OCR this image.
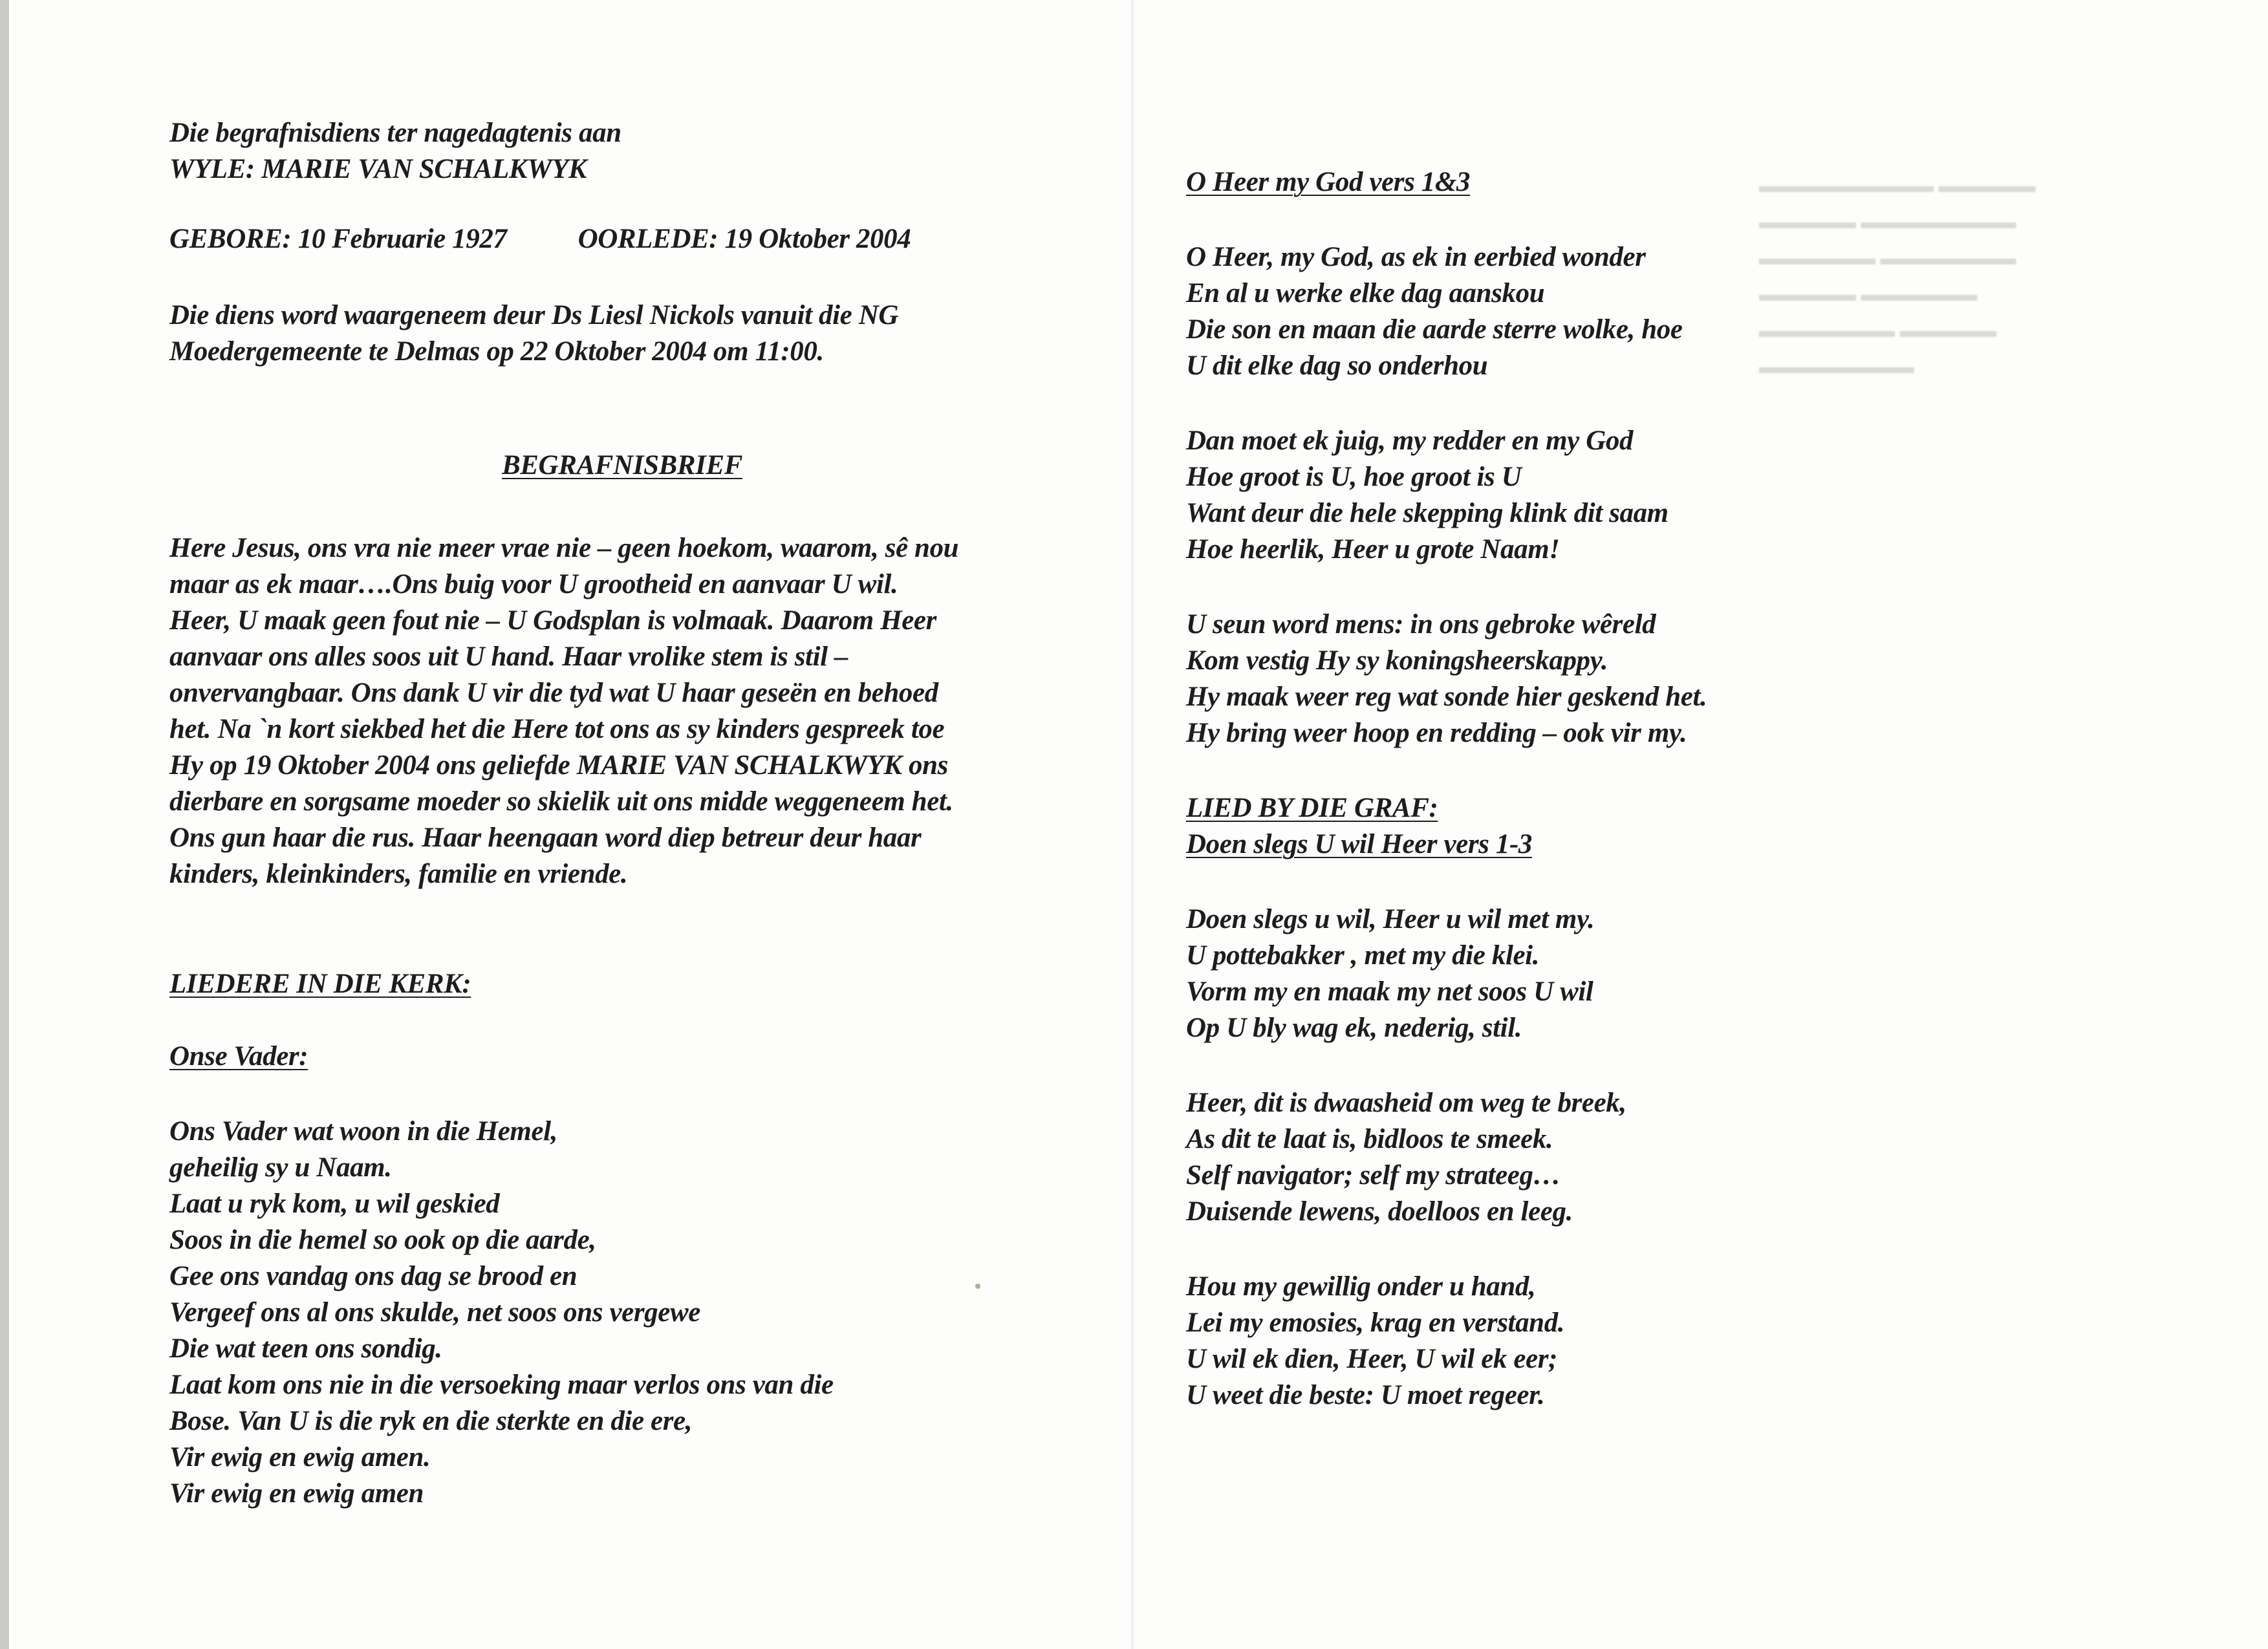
▬▬▬▬▬▬▬▬▬ ▬▬▬▬▬
▬▬▬▬▬ ▬▬▬▬▬▬▬▬
▬▬▬▬▬▬ ▬▬▬▬▬▬▬
▬▬▬▬▬ ▬▬▬▬▬▬
▬▬▬▬▬▬▬ ▬▬▬▬▬
▬▬▬▬▬▬▬▬

Die begrafnisdiens ter nagedagtenis aan

WYLE: MARIE VAN SCHALKWYK

GEBORE: 10 Februarie 1927	OORLEDE: 19 Oktober 2004

Die diens word waargeneem deur Ds Liesl Nickols vanuit die NG

Moedergemeente te Delmas op 22 Oktober 2004 om 11:00.

BEGRAFNISBRIEF

Here Jesus, ons vra nie meer vrae nie – geen hoekom, waarom, sê nou

maar as ek maar….Ons buig voor U grootheid en aanvaar U wil.

Heer, U maak geen fout nie – U Godsplan is volmaak. Daarom Heer

aanvaar ons alles soos uit U hand. Haar vrolike stem is stil –

onvervangbaar. Ons dank U vir die tyd wat U haar geseën en behoed

het. Na `n kort siekbed het die Here tot ons as sy kinders gespreek toe

Hy op 19 Oktober 2004 ons geliefde MARIE VAN SCHALKWYK ons

dierbare en sorgsame moeder so skielik uit ons midde weggeneem het.

Ons gun haar die rus. Haar heengaan word diep betreur deur haar

kinders, kleinkinders, familie en vriende.

LIEDERE IN DIE KERK:

Onse Vader:

Ons Vader wat woon in die Hemel,

geheilig sy u Naam.

Laat u ryk kom, u wil geskied

Soos in die hemel so ook op die aarde,

Gee ons vandag ons dag se brood en

Vergeef ons al ons skulde, net soos ons vergewe

Die wat teen ons sondig.

Laat kom ons nie in die versoeking maar verlos ons van die

Bose. Van U is die ryk en die sterkte en die ere,

Vir ewig en ewig amen.

Vir ewig en ewig amen

O Heer my God vers 1&3

O Heer, my God, as ek in eerbied wonder

En al u werke elke dag aanskou

Die son en maan die aarde sterre wolke, hoe

U dit elke dag so onderhou

Dan moet ek juig, my redder en my God

Hoe groot is U, hoe groot is U

Want deur die hele skepping klink dit saam

Hoe heerlik, Heer u grote Naam!

U seun word mens: in ons gebroke wêreld

Kom vestig Hy sy koningsheerskappy.

Hy maak weer reg wat sonde hier geskend het.

Hy bring weer hoop en redding – ook vir my.

LIED BY DIE GRAF:

Doen slegs U wil Heer vers 1-3

Doen slegs u wil, Heer u wil met my.

U pottebakker , met my die klei.

Vorm my en maak my net soos U wil

Op U bly wag ek, nederig, stil.

Heer, dit is dwaasheid om weg te breek,

As dit te laat is, bidloos te smeek.

Self navigator; self my strateeg…

Duisende lewens, doelloos en leeg.

Hou my gewillig onder u hand,

Lei my emosies, krag en verstand.

U wil ek dien, Heer, U wil ek eer;

U weet die beste: U moet regeer.
